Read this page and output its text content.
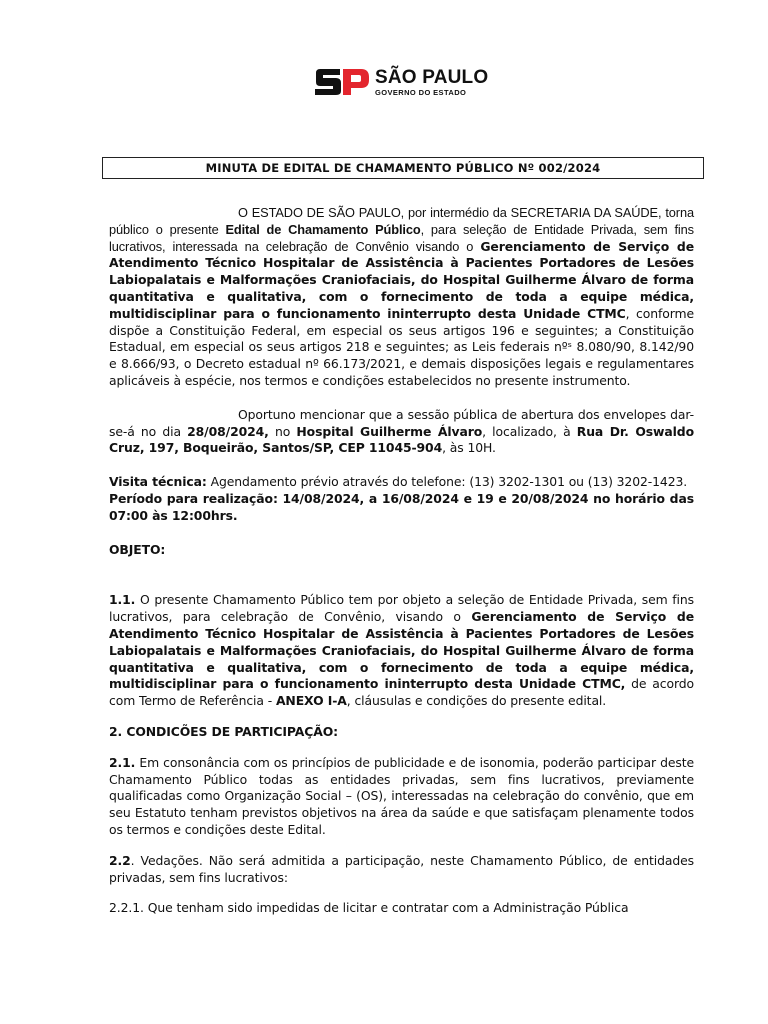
SÃO PAULO
GOVERNO DO ESTADO
MINUTA DE EDITAL DE CHAMAMENTO PÚBLICO Nº 002/2024

O ESTADO DE SÃO PAULO, por intermédio da SECRETARIA DA SAÚDE, torna público o presente Edital de Chamamento Público, para seleção de Entidade Privada, sem fins lucrativos, interessada na celebração de Convênio visando o Gerenciamento de Serviço de Atendimento Técnico Hospitalar de Assistência à Pacientes Portadores de Lesões Labiopalatais e Malformações Craniofaciais, do Hospital Guilherme Álvaro de forma quantitativa e qualitativa, com o fornecimento de toda a equipe médica, multidisciplinar para o funcionamento ininterrupto desta Unidade CTMC, conforme dispõe a Constituição Federal, em especial os seus artigos 196 e seguintes; a Constituição Estadual, em especial os seus artigos 218 e seguintes; as Leis federais nºˢ 8.080/90, 8.142/90 e 8.666/93, o Decreto estadual nº 66.173/2021, e demais disposições legais e regulamentares aplicáveis à espécie, nos termos e condições estabelecidos no presente instrumento.

Oportuno mencionar que a sessão pública de abertura dos envelopes dar-se-á no dia 28/08/2024, no Hospital Guilherme Álvaro, localizado, à Rua Dr. Oswaldo Cruz, 197, Boqueirão, Santos/SP, CEP 11045-904, às 10H.

Visita técnica: Agendamento prévio através do telefone: (13) 3202-1301 ou (13) 3202-1423.

Período para realização: 14/08/2024, a 16/08/2024 e 19 e 20/08/2024 no horário das 07:00 às 12:00hrs.

OBJETO:

1.1. O presente Chamamento Público tem por objeto a seleção de Entidade Privada, sem fins lucrativos, para celebração de Convênio, visando o Gerenciamento de Serviço de Atendimento Técnico Hospitalar de Assistência à Pacientes Portadores de Lesões Labiopalatais e Malformações Craniofaciais, do Hospital Guilherme Álvaro de forma quantitativa e qualitativa, com o fornecimento de toda a equipe médica, multidisciplinar para o funcionamento ininterrupto desta Unidade CTMC, de acordo com Termo de Referência - ANEXO I-A, cláusulas e condições do presente edital.

2. CONDICÕES DE PARTICIPAÇÃO:

2.1. Em consonância com os princípios de publicidade e de isonomia, poderão participar deste Chamamento Público todas as entidades privadas, sem fins lucrativos, previamente qualificadas como Organização Social – (OS), interessadas na celebração do convênio, que em seu Estatuto tenham previstos objetivos na área da saúde e que satisfaçam plenamente todos os termos e condições deste Edital.

2.2. Vedações. Não será admitida a participação, neste Chamamento Público, de entidades privadas, sem fins lucrativos:

2.2.1. Que tenham sido impedidas de licitar e contratar com a Administração Pública
